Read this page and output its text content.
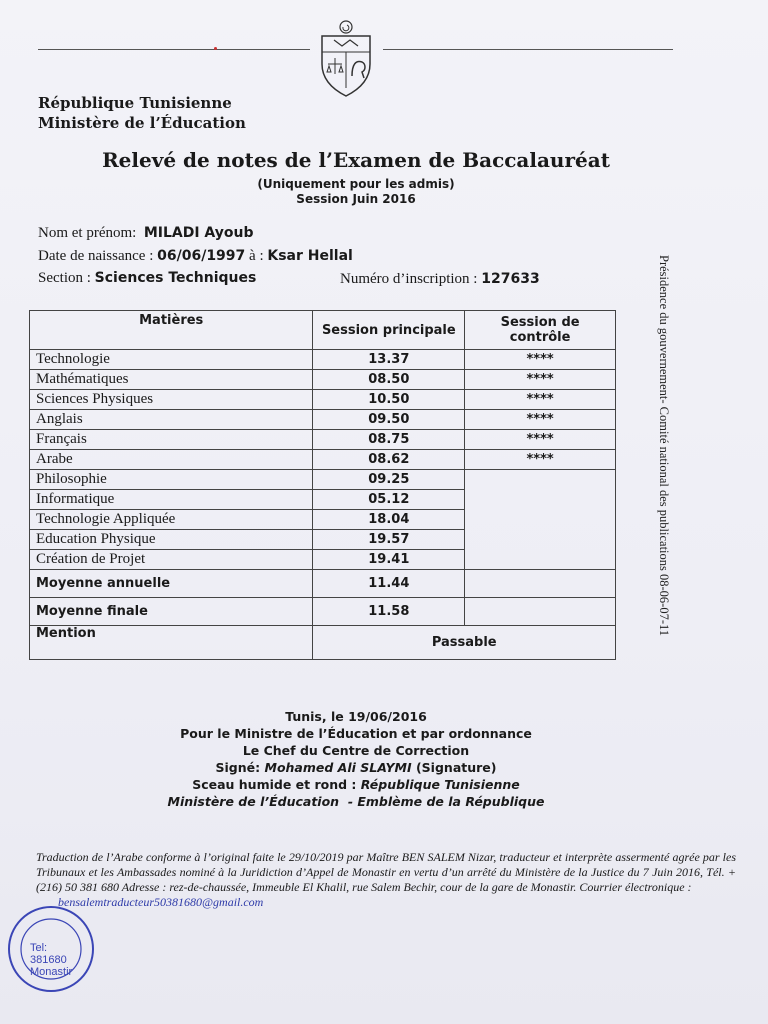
République Tunisienne
Ministère de l’Éducation
Relevé de notes de l’Examen de Baccalauréat
(Uniquement pour les admis)
Session Juin 2016
Nom et prénom: MILADI Ayoub
Date de naissance : 06/06/1997 à : Ksar Hellal
Section : Sciences Techniques	Numéro d’inscription : 127633
Matières	Session principale	Session de contrôle
Technologie	13.37	****
Mathématiques	08.50	****
Sciences Physiques	10.50	****
Anglais	09.50	****
Français	08.75	****
Arabe	08.62	****
Philosophie	09.25	
Informatique	05.12	
Technologie Appliquée	18.04	
Education Physique	19.57	
Création de Projet	19.41	
Moyenne annuelle	11.44	
Moyenne finale	11.58	
Mention	Passable	
Tunis, le 19/06/2016
Pour le Ministre de l’Éducation et par ordonnance
Le Chef du Centre de Correction
Signé: Mohamed Ali SLAYMI (Signature)
Sceau humide et rond : République Tunisienne
Ministère de l’Éducation - Emblème de la République
Traduction de l’Arabe conforme à l’original faite le 29/10/2019 par Maître BEN SALEM Nizar, traducteur et interprète assermenté agrée par les Tribunaux et les Ambassades nominé à la Juridiction d’Appel de Monastir en vertu d’un arrêté du Ministère de la Justice du 7 Juin 2016, Tél. + (216) 50 381 680 Adresse : rez-de-chaussée, Immeuble El Khalil, rue Salem Bechir, cour de la gare de Monastir. Courrier électronique :
bensalemtraducteur50381680@gmail.com
Présidence du gouvernement- Comité national des publications 08-06-07-11
Tel:
381680
Monastir
